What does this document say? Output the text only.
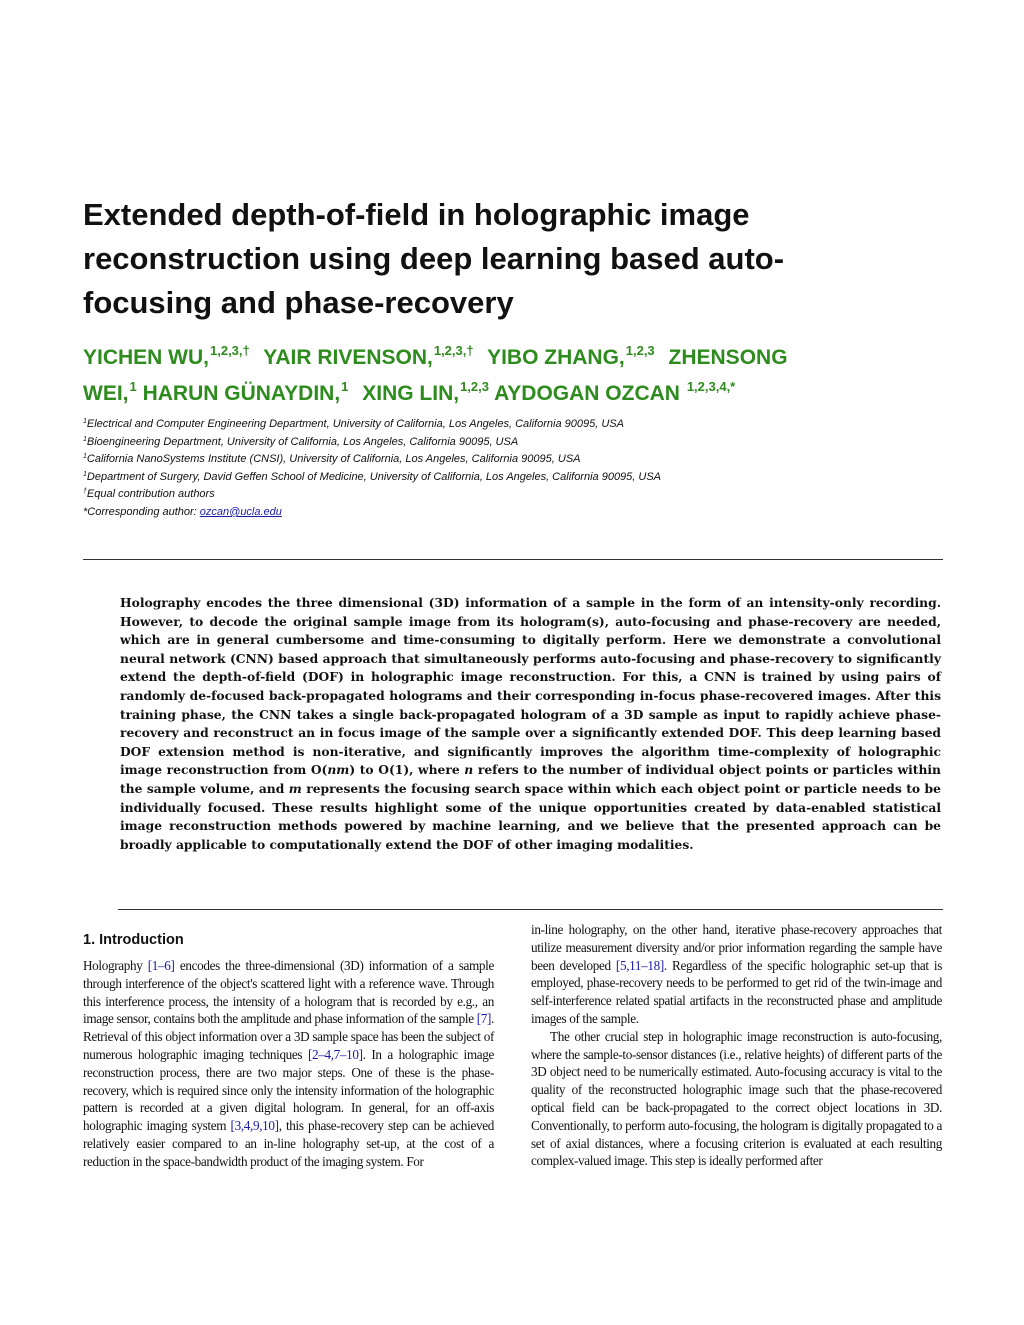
Extended depth-of-field in holographic image
reconstruction using deep learning based auto-
focusing and phase-recovery
YICHEN WU,$^{1,2,3,\dagger}$ YAIR RIVENSON,$^{1,2,3,\dagger}$ YIBO ZHANG,$^{1,2,3}$ ZHENSONG
WEI,$^1$ HARUN GÜNAYDIN,$^1$ XING LIN,$^{1,2,3}$ AYDOGAN OZCAN $^{1,2,3,4,*}$
$^1$Electrical and Computer Engineering Department, University of California, Los Angeles, California 90095, USA
$^1$Bioengineering Department, University of California, Los Angeles, California 90095, USA
$^1$California NanoSystems Institute (CNSI), University of California, Los Angeles, California 90095, USA
$^1$Department of Surgery, David Geffen School of Medicine, University of California, Los Angeles, California 90095, USA
†Equal contribution authors
*Corresponding author: ozcan@ucla.edu
Holography encodes the three dimensional (3D) information of a sample in the form of an intensity-only recording. However, to decode the original sample image from its hologram(s), auto-focusing and phase-recovery are needed, which are in general cumbersome and time-consuming to digitally perform. Here we demonstrate a convolutional neural network (CNN) based approach that simultaneously performs auto-focusing and phase-recovery to significantly extend the depth-of-field (DOF) in holographic image reconstruction. For this, a CNN is trained by using pairs of randomly de-focused back-propagated holograms and their corresponding in-focus phase-recovered images. After this training phase, the CNN takes a single back-propagated hologram of a 3D sample as input to rapidly achieve phase-recovery and reconstruct an in focus image of the sample over a significantly extended DOF. This deep learning based DOF extension method is non-iterative, and significantly improves the algorithm time-complexity of holographic image reconstruction from O(nm) to O(1), where n refers to the number of individual object points or particles within the sample volume, and m represents the focusing search space within which each object point or particle needs to be individually focused. These results highlight some of the unique opportunities created by data-enabled statistical image reconstruction methods powered by machine learning, and we believe that the presented approach can be broadly applicable to computationally extend the DOF of other imaging modalities.
1. Introduction

Holography [1–6] encodes the three-dimensional (3D) information of a sample through interference of the object's scattered light with a reference wave. Through this interference process, the intensity of a hologram that is recorded by e.g., an image sensor, contains both the amplitude and phase information of the sample [7]. Retrieval of this object information over a 3D sample space has been the subject of numerous holographic imaging techniques [2–4,7–10]. In a holographic image reconstruction process, there are two major steps. One of these is the phase-recovery, which is required since only the intensity information of the holographic pattern is recorded at a given digital hologram. In general, for an off-axis holographic imaging system [3,4,9,10], this phase-recovery step can be achieved relatively easier compared to an in-line holography set-up, at the cost of a reduction in the space-bandwidth product of the imaging system. For

in-line holography, on the other hand, iterative phase-recovery approaches that utilize measurement diversity and/or prior information regarding the sample have been developed [5,11–18]. Regardless of the specific holographic set-up that is employed, phase-recovery needs to be performed to get rid of the twin-image and self-interference related spatial artifacts in the reconstructed phase and amplitude images of the sample.

The other crucial step in holographic image reconstruction is auto-focusing, where the sample-to-sensor distances (i.e., relative heights) of different parts of the 3D object need to be numerically estimated. Auto-focusing accuracy is vital to the quality of the reconstructed holographic image such that the phase-recovered optical field can be back-propagated to the correct object locations in 3D. Conventionally, to perform auto-focusing, the hologram is digitally propagated to a set of axial distances, where a focusing criterion is evaluated at each resulting complex-valued image. This step is ideally performed after
